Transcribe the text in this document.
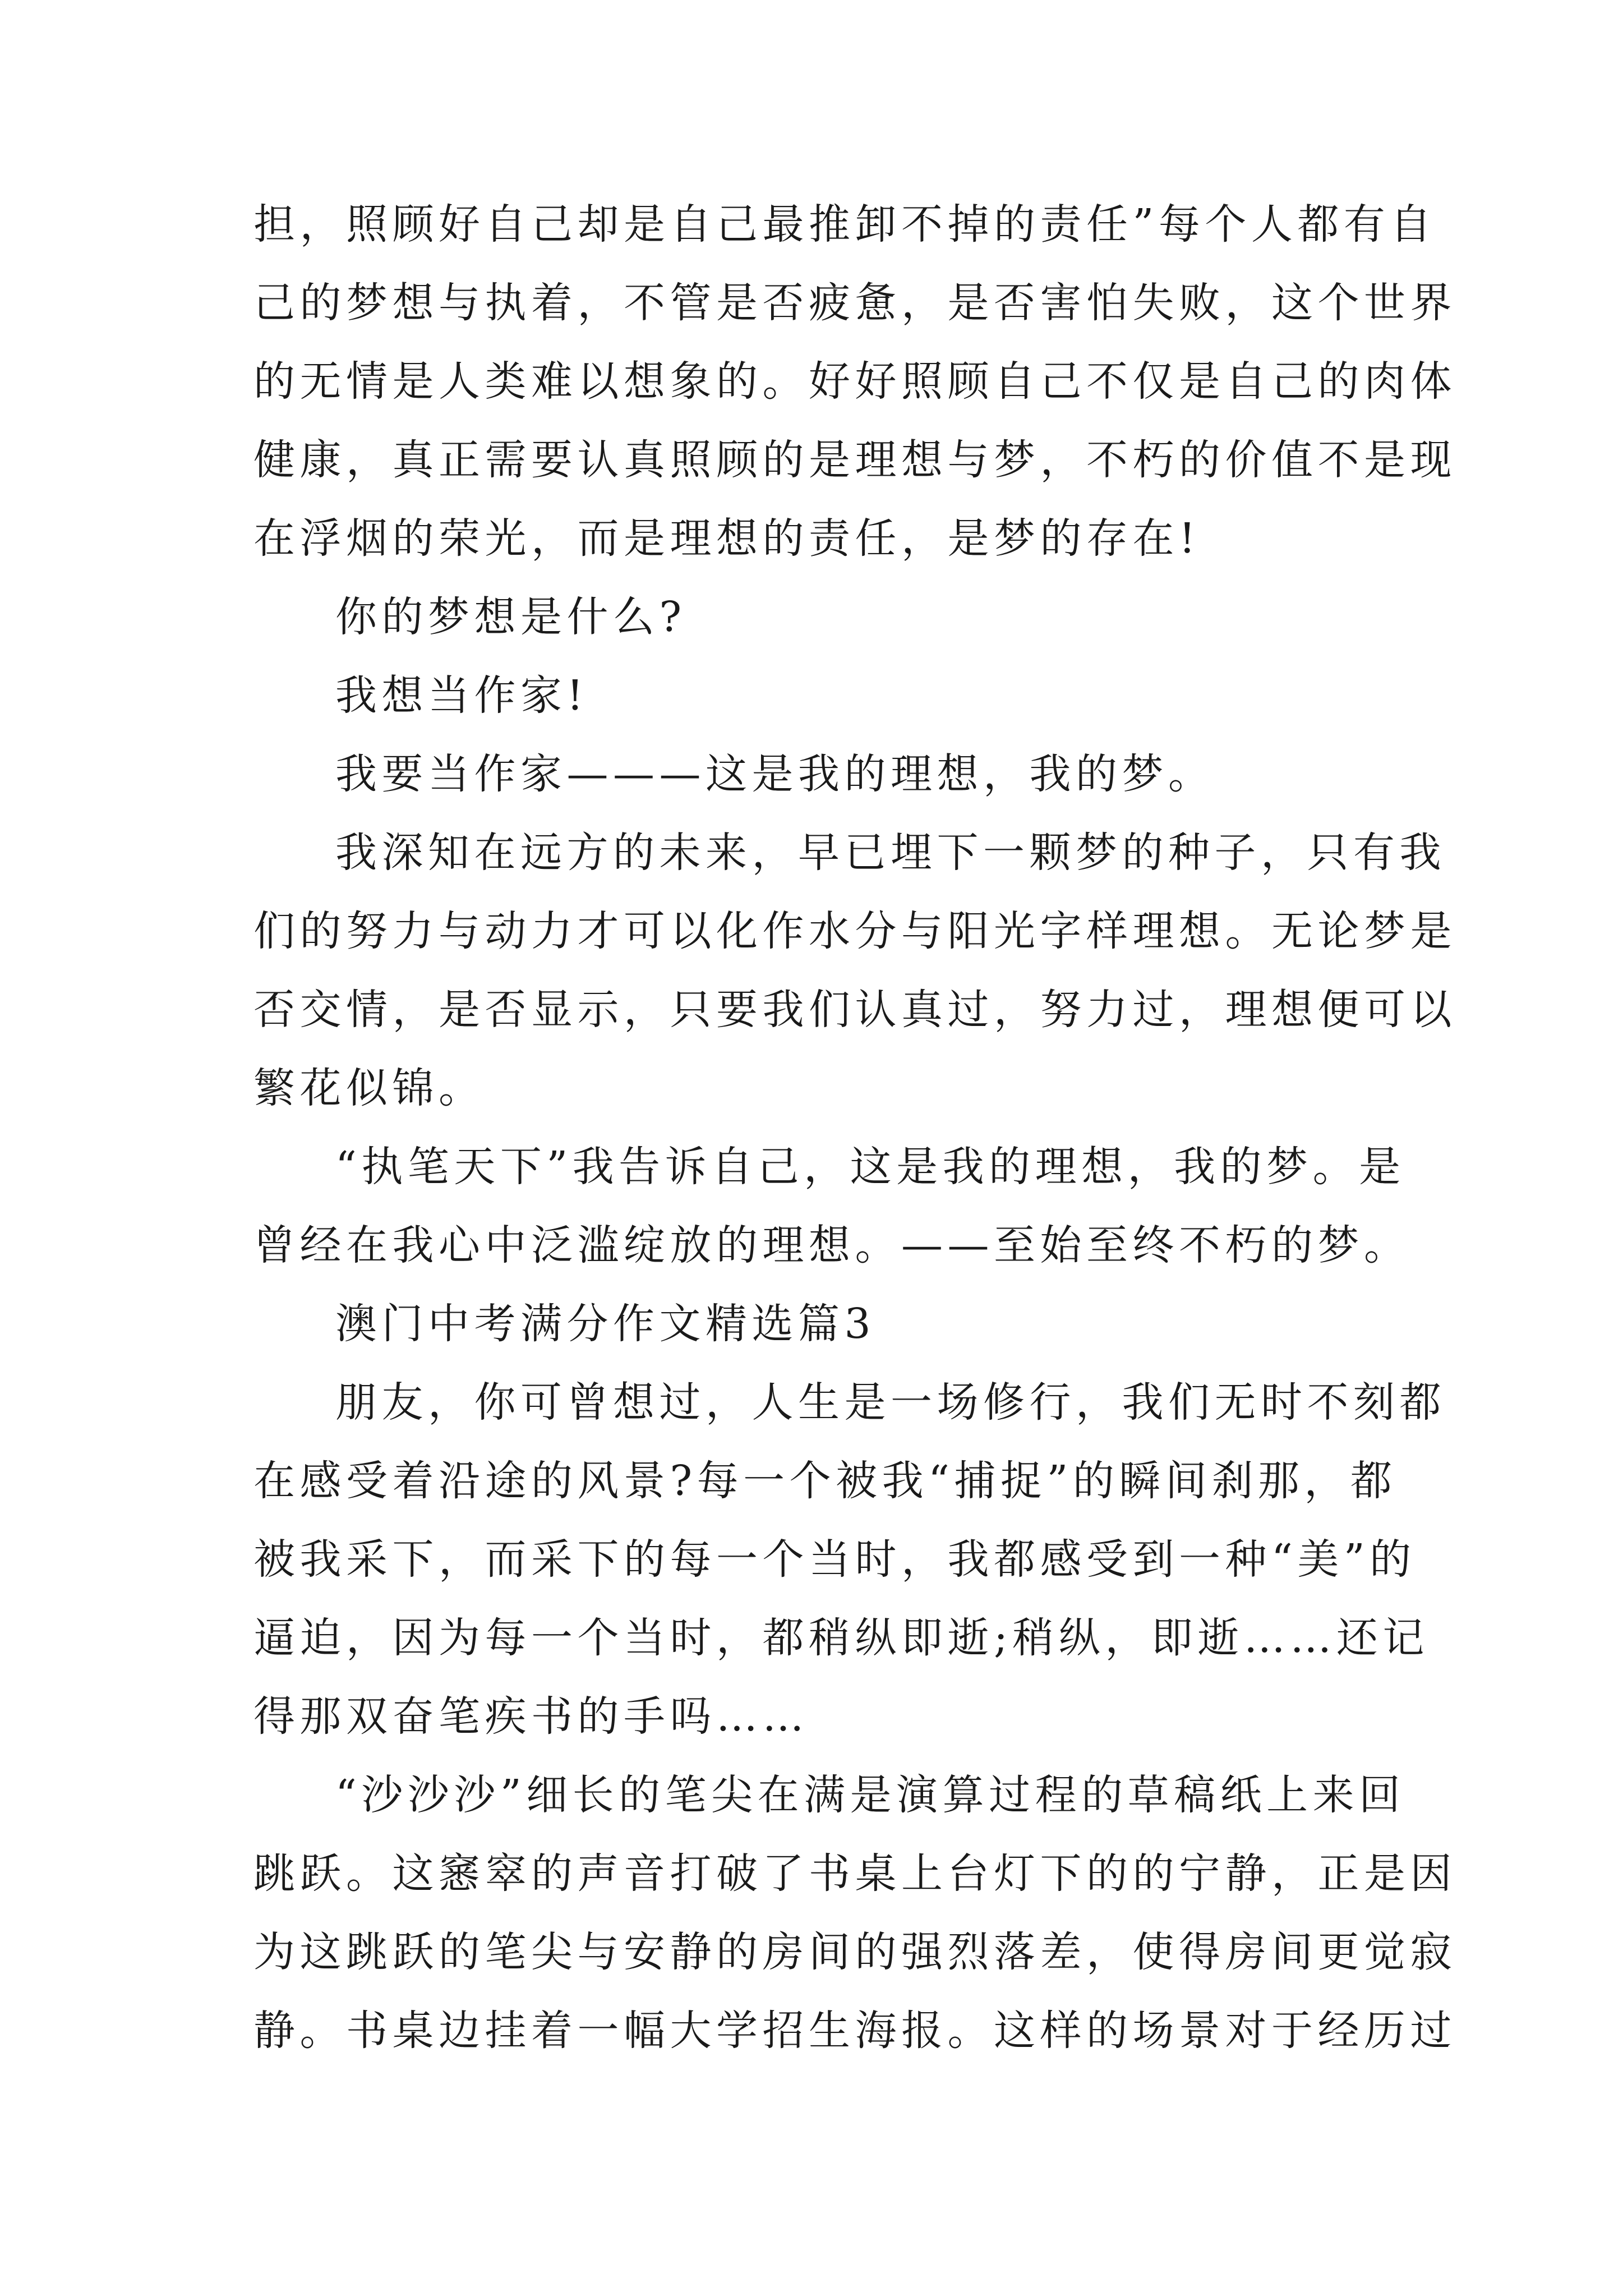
担，照顾好自己却是自己最推卸不掉的责任”每个人都有自
己的梦想与执着，不管是否疲惫，是否害怕失败，这个世界
的无情是人类难以想象的。好好照顾自己不仅是自己的肉体
健康，真正需要认真照顾的是理想与梦，不朽的价值不是现
在浮烟的荣光，而是理想的责任，是梦的存在!
你的梦想是什么?
我想当作家!
我要当作家———这是我的理想，我的梦。
我深知在远方的未来，早已埋下一颗梦的种子，只有我
们的努力与动力才可以化作水分与阳光字样理想。无论梦是
否交情，是否显示，只要我们认真过，努力过，理想便可以
繁花似锦。
“执笔天下”我告诉自己，这是我的理想，我的梦。是
曾经在我心中泛滥绽放的理想。——至始至终不朽的梦。
澳门中考满分作文精选篇3
朋友，你可曾想过，人生是一场修行，我们无时不刻都
在感受着沿途的风景?每一个被我“捕捉”的瞬间刹那，都
被我采下，而采下的每一个当时，我都感受到一种“美”的
逼迫，因为每一个当时，都稍纵即逝;稍纵，即逝……还记
得那双奋笔疾书的手吗……
“沙沙沙”细长的笔尖在满是演算过程的草稿纸上来回
跳跃。这窸窣的声音打破了书桌上台灯下的的宁静，正是因
为这跳跃的笔尖与安静的房间的强烈落差，使得房间更觉寂
静。书桌边挂着一幅大学招生海报。这样的场景对于经历过
